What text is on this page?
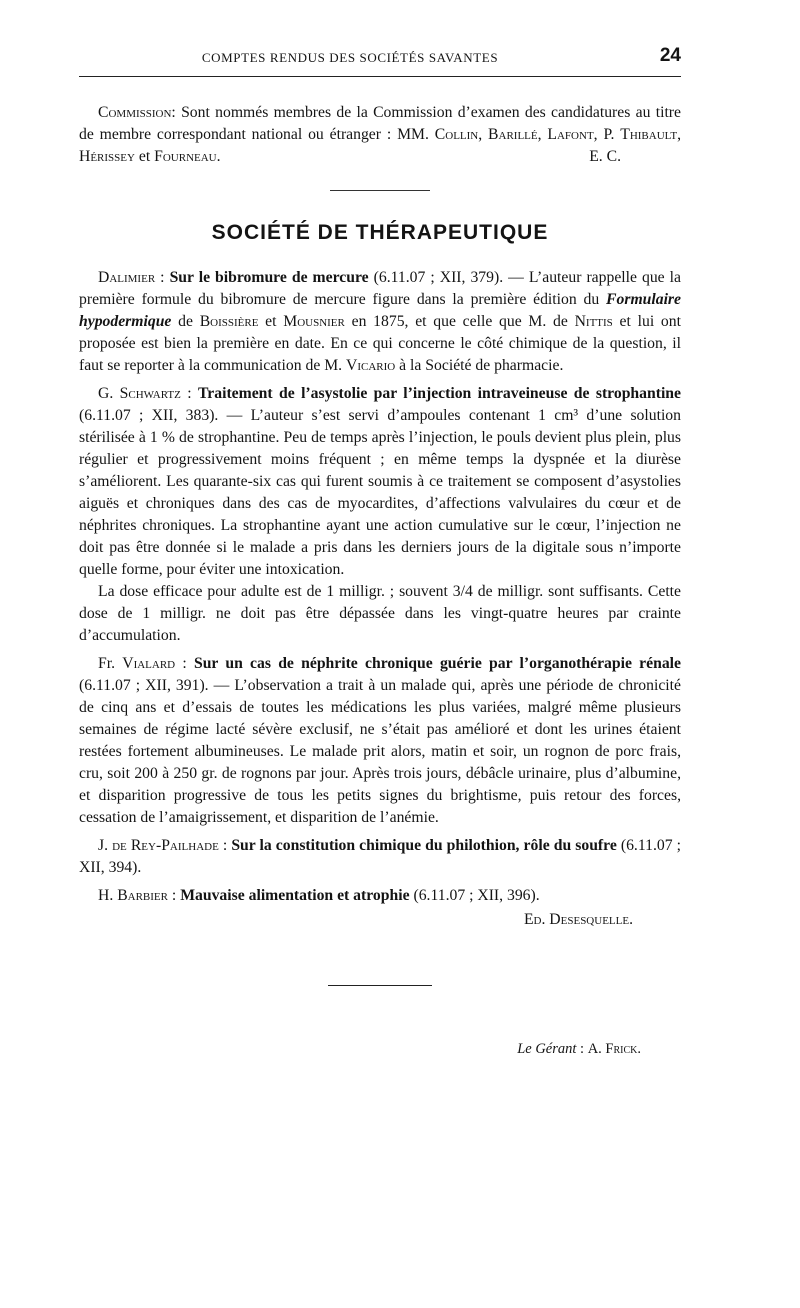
COMPTES RENDUS DES SOCIÉTÉS SAVANTES	24

Commission: Sont nommés membres de la Commission d’examen des candidatures au titre de membre correspondant national ou étranger : MM. Collin, Barillé, Lafont, P. Thibault, Hérissey et Fourneau.	E. C.

SOCIÉTÉ DE THÉRAPEUTIQUE

Dalimier : Sur le bibromure de mercure (6.11.07 ; XII, 379). — L’auteur rappelle que la première formule du bibromure de mercure figure dans la première édition du Formulaire hypodermique de Boissière et Mousnier en 1875, et que celle que M. de Nittis et lui ont proposée est bien la première en date. En ce qui concerne le côté chimique de la question, il faut se reporter à la communication de M. Vicario à la Société de pharmacie.

G. Schwartz : Traitement de l’asystolie par l’injection intraveineuse de strophantine (6.11.07 ; XII, 383). — L’auteur s’est servi d’ampoules contenant 1 cm³ d’une solution stérilisée à 1 % de strophantine. Peu de temps après l’injection, le pouls devient plus plein, plus régulier et progressivement moins fréquent ; en même temps la dyspnée et la diurèse s’améliorent. Les quarante-six cas qui furent soumis à ce traitement se composent d’asystolies aiguës et chroniques dans des cas de myocardites, d’affections valvulaires du cœur et de néphrites chroniques. La strophantine ayant une action cumulative sur le cœur, l’injection ne doit pas être donnée si le malade a pris dans les derniers jours de la digitale sous n’importe quelle forme, pour éviter une intoxication.

La dose efficace pour adulte est de 1 milligr. ; souvent 3/4 de milligr. sont suffisants. Cette dose de 1 milligr. ne doit pas être dépassée dans les vingt-quatre heures par crainte d’accumulation.

Fr. Vialard : Sur un cas de néphrite chronique guérie par l’organothérapie rénale (6.11.07 ; XII, 391). — L’observation a trait à un malade qui, après une période de chronicité de cinq ans et d’essais de toutes les médications les plus variées, malgré même plusieurs semaines de régime lacté sévère exclusif, ne s’était pas amélioré et dont les urines étaient restées fortement albumineuses. Le malade prit alors, matin et soir, un rognon de porc frais, cru, soit 200 à 250 gr. de rognons par jour. Après trois jours, débâcle urinaire, plus d’albumine, et disparition progressive de tous les petits signes du brightisme, puis retour des forces, cessation de l’amaigrissement, et disparition de l’anémie.

J. de Rey-Pailhade : Sur la constitution chimique du philothion, rôle du soufre (6.11.07 ; XII, 394).

H. Barbier : Mauvaise alimentation et atrophie (6.11.07 ; XII, 396).

Ed. Desesquelle.

Le Gérant : A. Frick.
